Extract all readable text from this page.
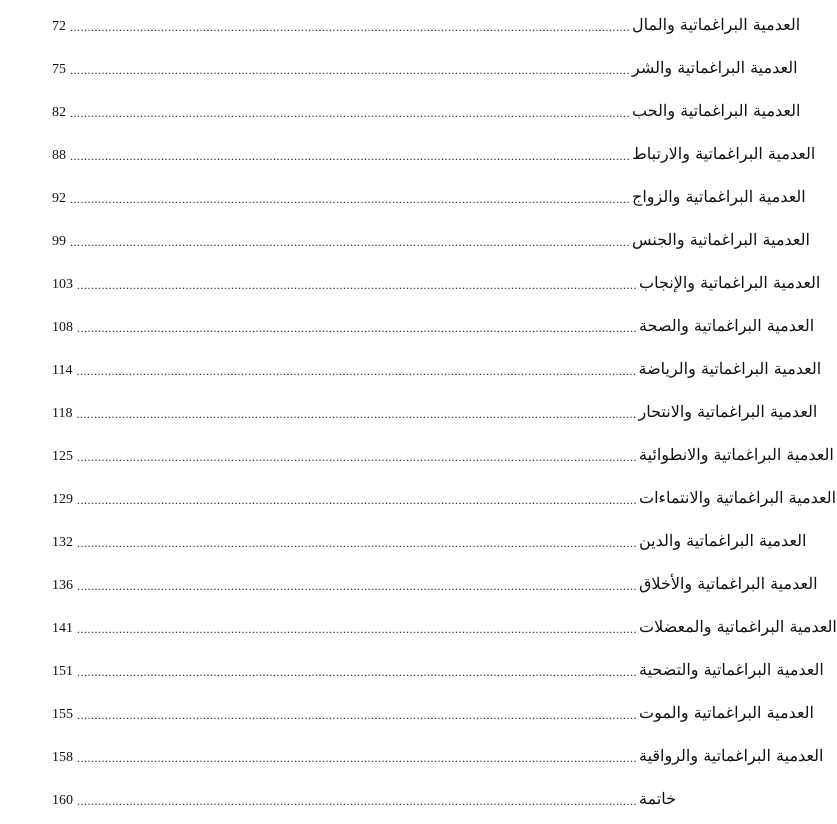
72 ................................................................................................................................................................ العدمية البراغماتية والمال
75 ................................................................................................................................................................ العدمية البراغماتية والشر
82 ................................................................................................................................................................ العدمية البراغماتية والحب
88 ................................................................................................................................................................ العدمية البراغماتية والارتباط
92 ................................................................................................................................................................ العدمية البراغماتية والزواج
99 ................................................................................................................................................................ العدمية البراغماتية والجنس
103 ................................................................................................................................................................ العدمية البراغماتية والإنجاب
108 ................................................................................................................................................................ العدمية البراغماتية والصحة
114 ................................................................................................................................................................ العدمية البراغماتية والرياضة
118 ................................................................................................................................................................ العدمية البراغماتية والانتحار
125 ................................................................................................................................................................ العدمية البراغماتية والانطوائية
129 ................................................................................................................................................................ العدمية البراغماتية والانتماءات
132 ................................................................................................................................................................ العدمية البراغماتية والدين
136 ................................................................................................................................................................ العدمية البراغماتية والأخلاق
141 ................................................................................................................................................................ العدمية البراغماتية والمعضلات
151 ................................................................................................................................................................ العدمية البراغماتية والتضحية
155 ................................................................................................................................................................ العدمية البراغماتية والموت
158 ................................................................................................................................................................ العدمية البراغماتية والرواقية
160 ................................................................................................................................................................ خاتمة
